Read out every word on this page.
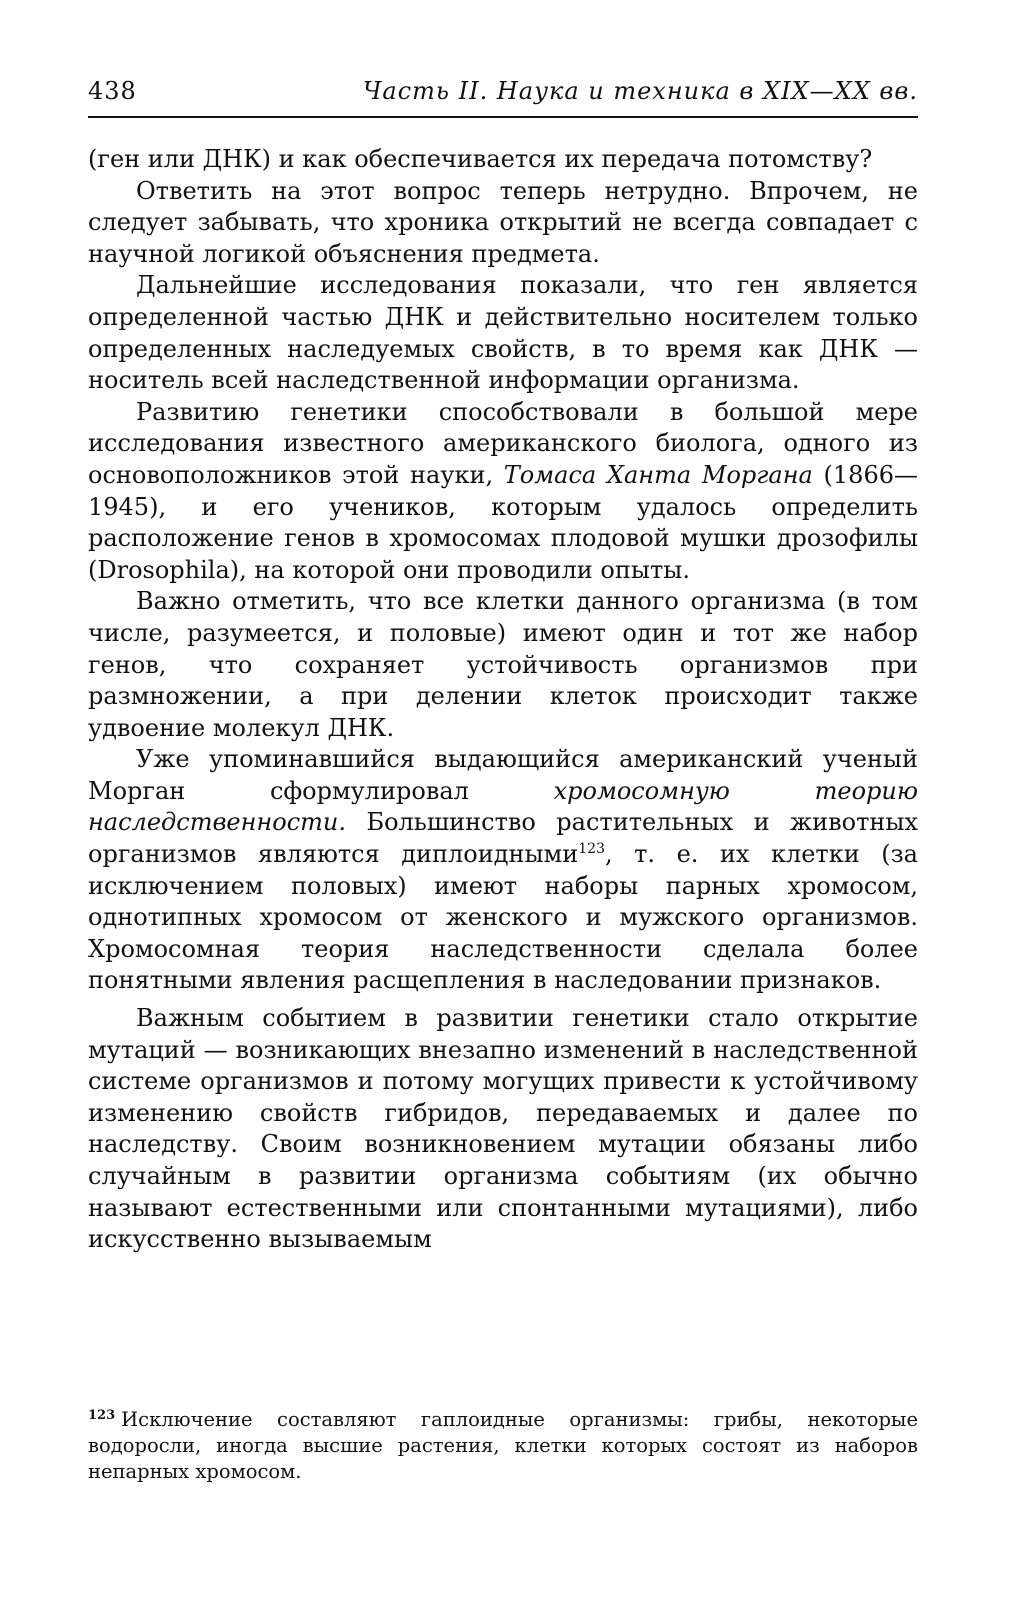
438	Часть II. Наука и техника в XIX—XX вв.

(ген или ДНК) и как обеспечивается их передача потомству?

Ответить на этот вопрос теперь нетрудно. Впрочем, не следует забывать, что хроника открытий не всегда совпадает с научной логикой объяснения предмета.

Дальнейшие исследования показали, что ген является определенной частью ДНК и действительно носителем только определенных наследуемых свойств, в то время как ДНК — носитель всей наследственной информации организма.

Развитию генетики способствовали в большой мере исследования известного американского биолога, одного из основоположников этой науки, Томаса Ханта Моргана (1866—1945), и его учеников, которым удалось определить расположение генов в хромосомах плодовой мушки дрозофилы (Drosophila), на которой они проводили опыты.

Важно отметить, что все клетки данного организма (в том числе, разумеется, и половые) имеют один и тот же набор генов, что сохраняет устойчивость организмов при размножении, а при делении клеток происходит также удвоение молекул ДНК.

Уже упоминавшийся выдающийся американский ученый Морган сформулировал хромосомную теорию наследственности. Большинство растительных и животных организмов являются диплоидными$^{123}$, т. е. их клетки (за исключением половых) имеют наборы парных хромосом, однотипных хромосом от женского и мужского организмов. Хромосомная теория наследственности сделала более понятными явления расщепления в наследовании признаков.

Важным событием в развитии генетики стало открытие мутаций — возникающих внезапно изменений в наследственной системе организмов и потому могущих привести к устойчивому изменению свойств гибридов, передаваемых и далее по наследству. Своим возникновением мутации обязаны либо случайным в развитии организма событиям (их обычно называют естественными или спонтанными мутациями), либо искусственно вызываемым

$^{123}$ Исключение составляют гаплоидные организмы: грибы, некоторые водоросли, иногда высшие растения, клетки которых состоят из наборов непарных хромосом.
